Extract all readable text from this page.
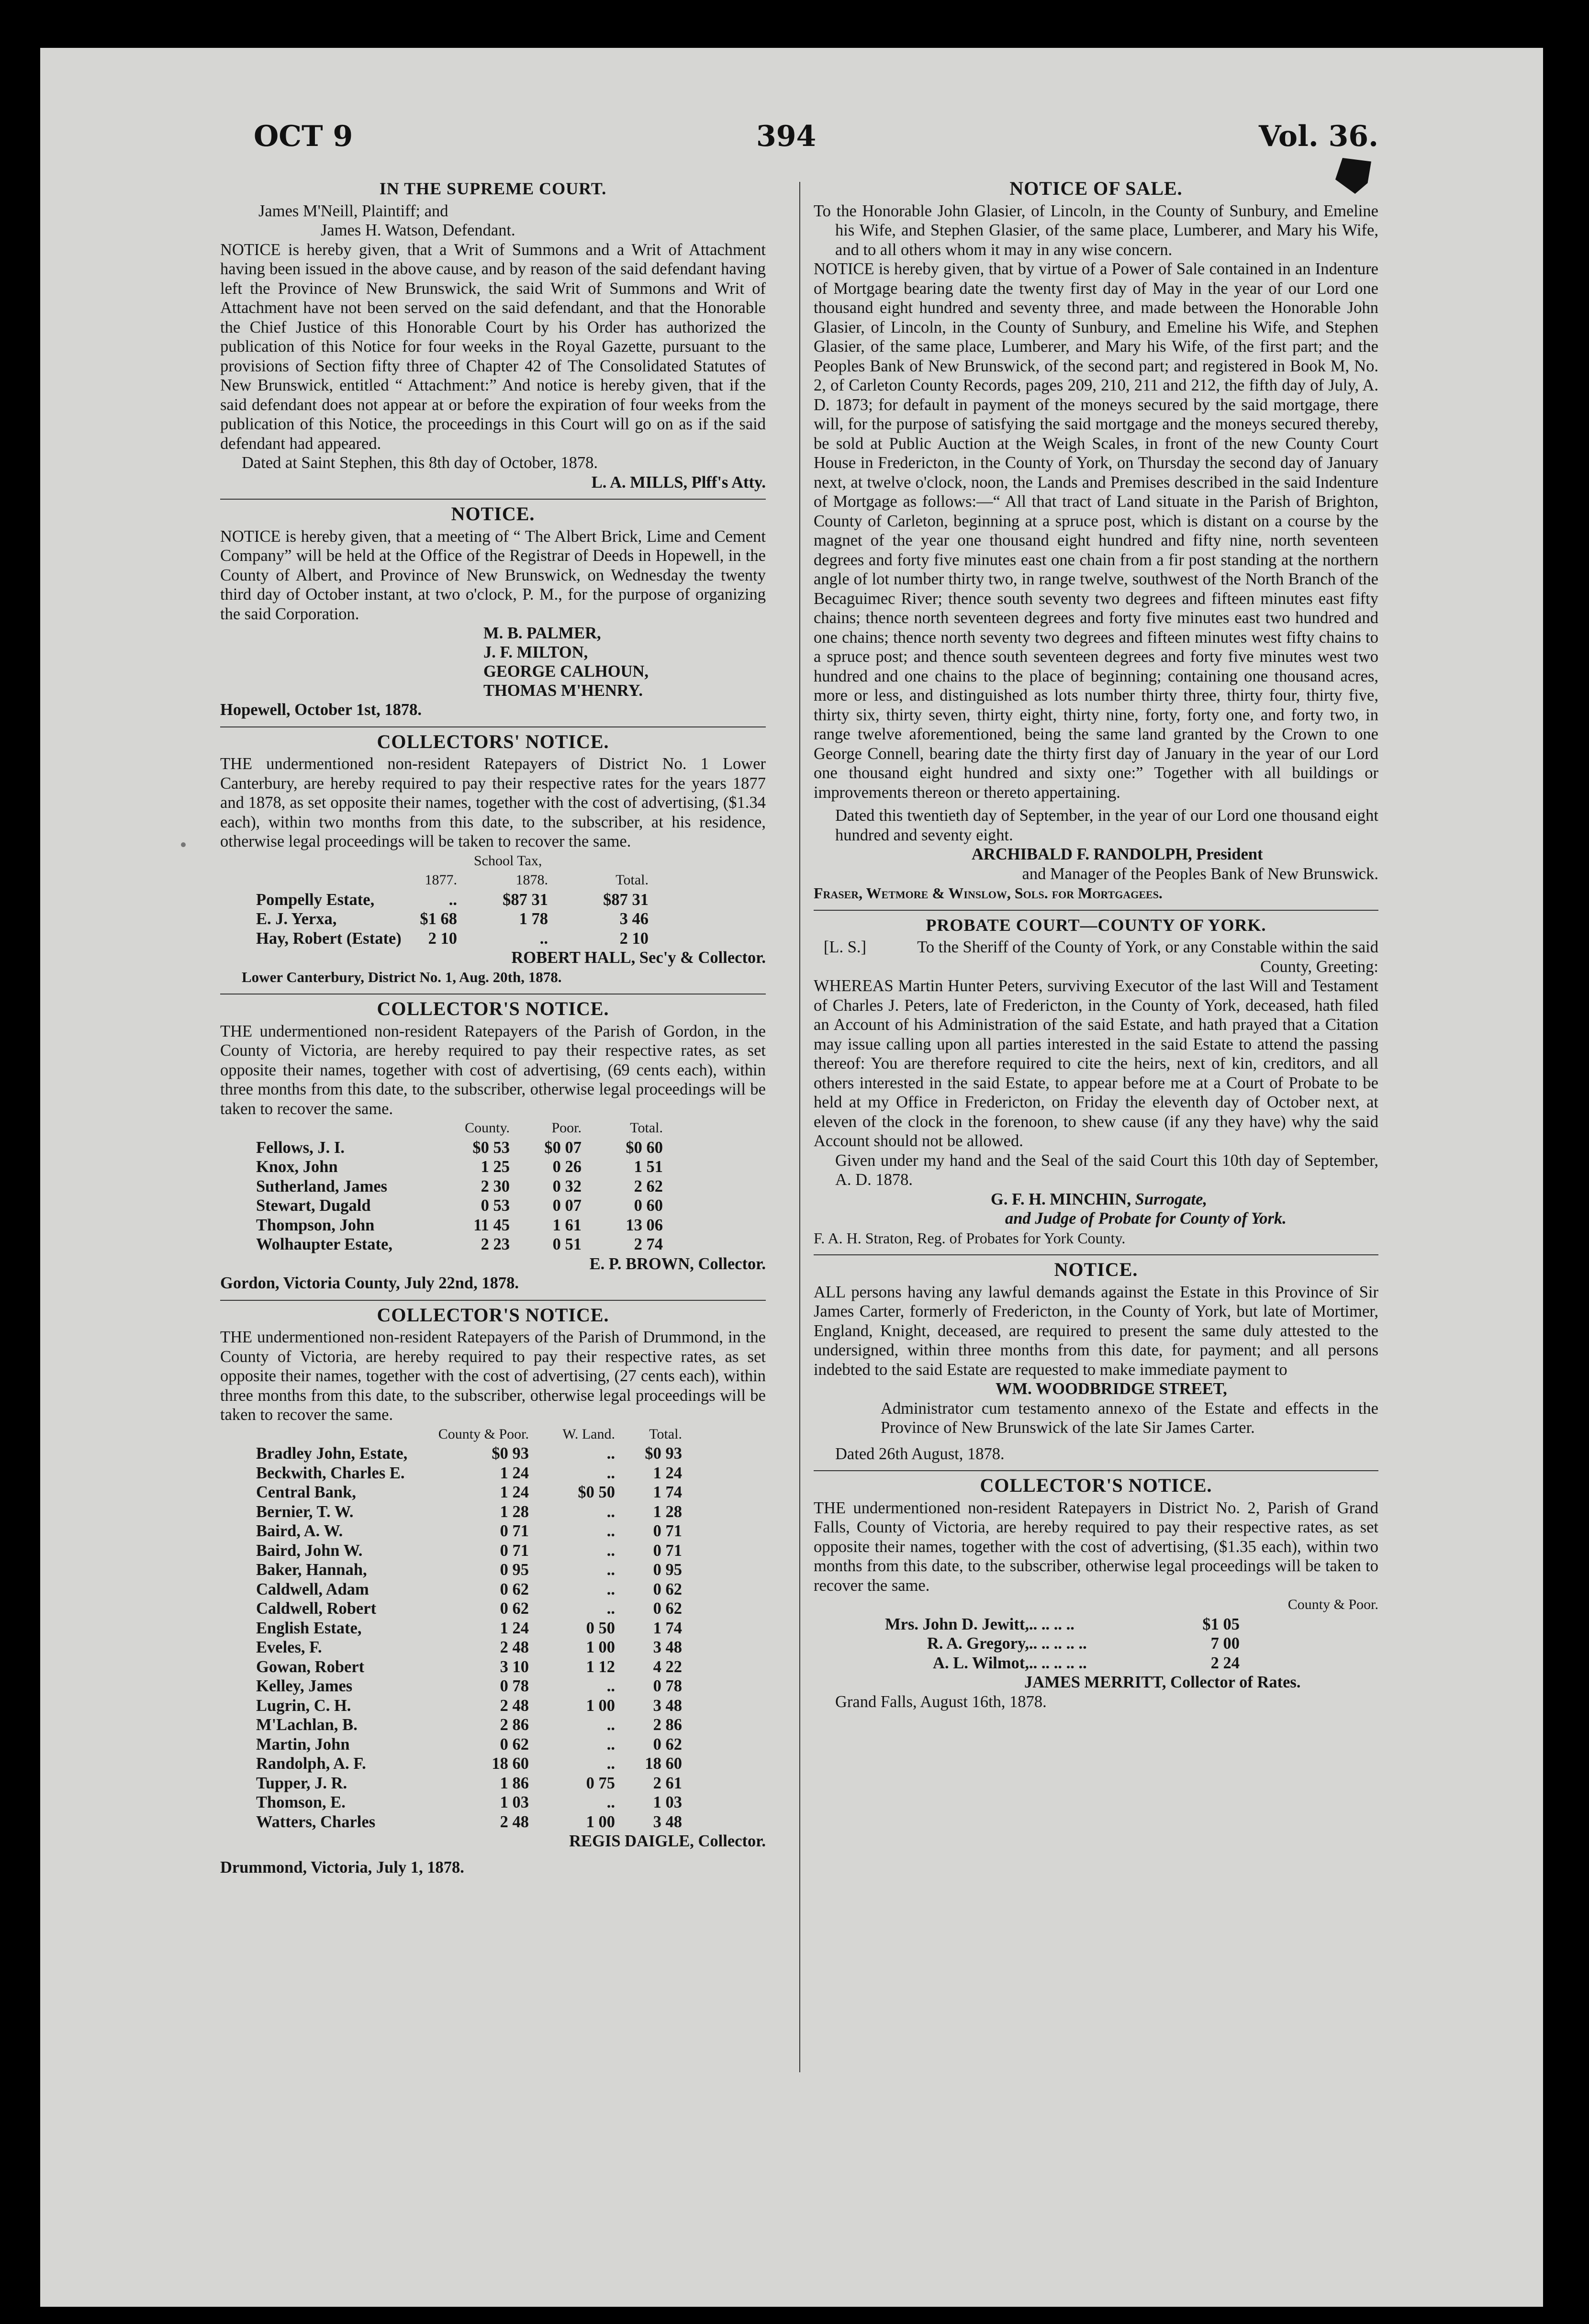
OCT 9	394	Vol. 36.
IN THE SUPREME COURT.

James M'Neill, Plaintiff; and

James H. Watson, Defendant.

NOTICE is hereby given, that a Writ of Summons and a Writ of Attachment having been issued in the above cause, and by reason of the said defendant having left the Province of New Brunswick, the said Writ of Summons and Writ of Attachment have not been served on the said defendant, and that the Honorable the Chief Justice of this Honorable Court by his Order has authorized the publication of this Notice for four weeks in the Royal Gazette, pursuant to the provisions of Section fifty three of Chapter 42 of The Consolidated Statutes of New Brunswick, entitled “ Attachment:” And notice is hereby given, that if the said defendant does not appear at or before the expiration of four weeks from the publication of this Notice, the proceedings in this Court will go on as if the said defendant had appeared.

Dated at Saint Stephen, this 8th day of October, 1878.

L. A. MILLS, Plff's Atty.

NOTICE.

NOTICE is hereby given, that a meeting of “ The Albert Brick, Lime and Cement Company” will be held at the Office of the Registrar of Deeds in Hopewell, in the County of Albert, and Province of New Brunswick, on Wednesday the twenty third day of October instant, at two o'clock, P. M., for the purpose of organizing the said Corporation.

M. B. PALMER,
J. F. MILTON,
GEORGE CALHOUN,
THOMAS M'HENRY.

Hopewell, October 1st, 1878.

COLLECTORS' NOTICE.

THE undermentioned non-resident Ratepayers of District No. 1 Lower Canterbury, are hereby required to pay their respective rates for the years 1877 and 1878, as set opposite their names, together with the cost of advertising, ($1.34 each), within two months from this date, to the subscriber, at his residence, otherwise legal proceedings will be taken to recover the same.

School Tax,
	1877.	1878.	Total.
Pompelly Estate,	..	$87 31	$87 31
E. J. Yerxa,	$1 68	1 78	3 46
Hay, Robert (Estate)	2 10	..	2 10

ROBERT HALL, Sec'y & Collector.

Lower Canterbury, District No. 1, Aug. 20th, 1878.

COLLECTOR'S NOTICE.

THE undermentioned non-resident Ratepayers of the Parish of Gordon, in the County of Victoria, are hereby required to pay their respective rates, as set opposite their names, together with cost of advertising, (69 cents each), within three months from this date, to the subscriber, otherwise legal proceedings will be taken to recover the same.

	County.	Poor.	Total.
Fellows, J. I.	$0 53	$0 07	$0 60
Knox, John	1 25	0 26	1 51
Sutherland, James	2 30	0 32	2 62
Stewart, Dugald	0 53	0 07	0 60
Thompson, John	11 45	1 61	13 06
Wolhaupter Estate,	2 23	0 51	2 74

E. P. BROWN, Collector.

Gordon, Victoria County, July 22nd, 1878.

COLLECTOR'S NOTICE.

THE undermentioned non-resident Ratepayers of the Parish of Drummond, in the County of Victoria, are hereby required to pay their respective rates, as set opposite their names, together with the cost of advertising, (27 cents each), within three months from this date, to the subscriber, otherwise legal proceedings will be taken to recover the same.

	County & Poor.	W. Land.	Total.
Bradley John, Estate,	$0 93	..	$0 93
Beckwith, Charles E.	1 24	..	1 24
Central Bank,	1 24	$0 50	1 74
Bernier, T. W.	1 28	..	1 28
Baird, A. W.	0 71	..	0 71
Baird, John W.	0 71	..	0 71
Baker, Hannah,	0 95	..	0 95
Caldwell, Adam	0 62	..	0 62
Caldwell, Robert	0 62	..	0 62
English Estate,	1 24	0 50	1 74
Eveles, F.	2 48	1 00	3 48
Gowan, Robert	3 10	1 12	4 22
Kelley, James	0 78	..	0 78
Lugrin, C. H.	2 48	1 00	3 48
M'Lachlan, B.	2 86	..	2 86
Martin, John	0 62	..	0 62
Randolph, A. F.	18 60	..	18 60
Tupper, J. R.	1 86	0 75	2 61
Thomson, E.	1 03	..	1 03
Watters, Charles	2 48	1 00	3 48

REGIS DAIGLE, Collector.

Drummond, Victoria, July 1, 1878.

NOTICE OF SALE.

To the Honorable John Glasier, of Lincoln, in the County of Sunbury, and Emeline his Wife, and Stephen Glasier, of the same place, Lumberer, and Mary his Wife, and to all others whom it may in any wise concern.

NOTICE is hereby given, that by virtue of a Power of Sale contained in an Indenture of Mortgage bearing date the twenty first day of May in the year of our Lord one thousand eight hundred and seventy three, and made between the Honorable John Glasier, of Lincoln, in the County of Sunbury, and Emeline his Wife, and Stephen Glasier, of the same place, Lumberer, and Mary his Wife, of the first part; and the Peoples Bank of New Brunswick, of the second part; and registered in Book M, No. 2, of Carleton County Records, pages 209, 210, 211 and 212, the fifth day of July, A. D. 1873; for default in payment of the moneys secured by the said mortgage, there will, for the purpose of satisfying the said mortgage and the moneys secured thereby, be sold at Public Auction at the Weigh Scales, in front of the new County Court House in Fredericton, in the County of York, on Thursday the second day of January next, at twelve o'clock, noon, the Lands and Premises described in the said Indenture of Mortgage as follows:—“ All that tract of Land situate in the Parish of Brighton, County of Carleton, beginning at a spruce post, which is distant on a course by the magnet of the year one thousand eight hundred and fifty nine, north seventeen degrees and forty five minutes east one chain from a fir post standing at the northern angle of lot number thirty two, in range twelve, southwest of the North Branch of the Becaguimec River; thence south seventy two degrees and fifteen minutes east fifty chains; thence north seventeen degrees and forty five minutes east two hundred and one chains; thence north seventy two degrees and fifteen minutes west fifty chains to a spruce post; and thence south seventeen degrees and forty five minutes west two hundred and one chains to the place of beginning; containing one thousand acres, more or less, and distinguished as lots number thirty three, thirty four, thirty five, thirty six, thirty seven, thirty eight, thirty nine, forty, forty one, and forty two, in range twelve aforementioned, being the same land granted by the Crown to one George Connell, bearing date the thirty first day of January in the year of our Lord one thousand eight hundred and sixty one:” Together with all buildings or improvements thereon or thereto appertaining.

Dated this twentieth day of September, in the year of our Lord one thousand eight hundred and seventy eight.

ARCHIBALD F. RANDOLPH, President

and Manager of the Peoples Bank of New Brunswick.

Fraser, Wetmore & Winslow, Sols. for Mortgagees.

PROBATE COURT—COUNTY OF YORK.
[L. S.]	To the Sheriff of the County of York, or any Constable within the said County, Greeting:

WHEREAS Martin Hunter Peters, surviving Executor of the last Will and Testament of Charles J. Peters, late of Fredericton, in the County of York, deceased, hath filed an Account of his Administration of the said Estate, and hath prayed that a Citation may issue calling upon all parties interested in the said Estate to attend the passing thereof: You are therefore required to cite the heirs, next of kin, creditors, and all others interested in the said Estate, to appear before me at a Court of Probate to be held at my Office in Fredericton, on Friday the eleventh day of October next, at eleven of the clock in the forenoon, to shew cause (if any they have) why the said Account should not be allowed.

Given under my hand and the Seal of the said Court this 10th day of September, A. D. 1878.

G. F. H. MINCHIN, Surrogate,

and Judge of Probate for County of York.

F. A. H. Straton, Reg. of Probates for York County.

NOTICE.

ALL persons having any lawful demands against the Estate in this Province of Sir James Carter, formerly of Fredericton, in the County of York, but late of Mortimer, England, Knight, deceased, are required to present the same duly attested to the undersigned, within three months from this date, for payment; and all persons indebted to the said Estate are requested to make immediate payment to

WM. WOODBRIDGE STREET,

Administrator cum testamento annexo of the Estate and effects in the Province of New Brunswick of the late Sir James Carter.

Dated 26th August, 1878.

COLLECTOR'S NOTICE.

THE undermentioned non-resident Ratepayers in District No. 2, Parish of Grand Falls, County of Victoria, are hereby required to pay their respective rates, as set opposite their names, together with the cost of advertising, ($1.35 each), within two months from this date, to the subscriber, otherwise legal proceedings will be taken to recover the same.

County & Poor.
Mrs. John D. Jewitt,	.. .. .. ..	$1 05
R. A. Gregory,	.. .. .. .. ..	7 00
A. L. Wilmot,	.. .. .. .. ..	2 24

JAMES MERRITT, Collector of Rates.

Grand Falls, August 16th, 1878.
